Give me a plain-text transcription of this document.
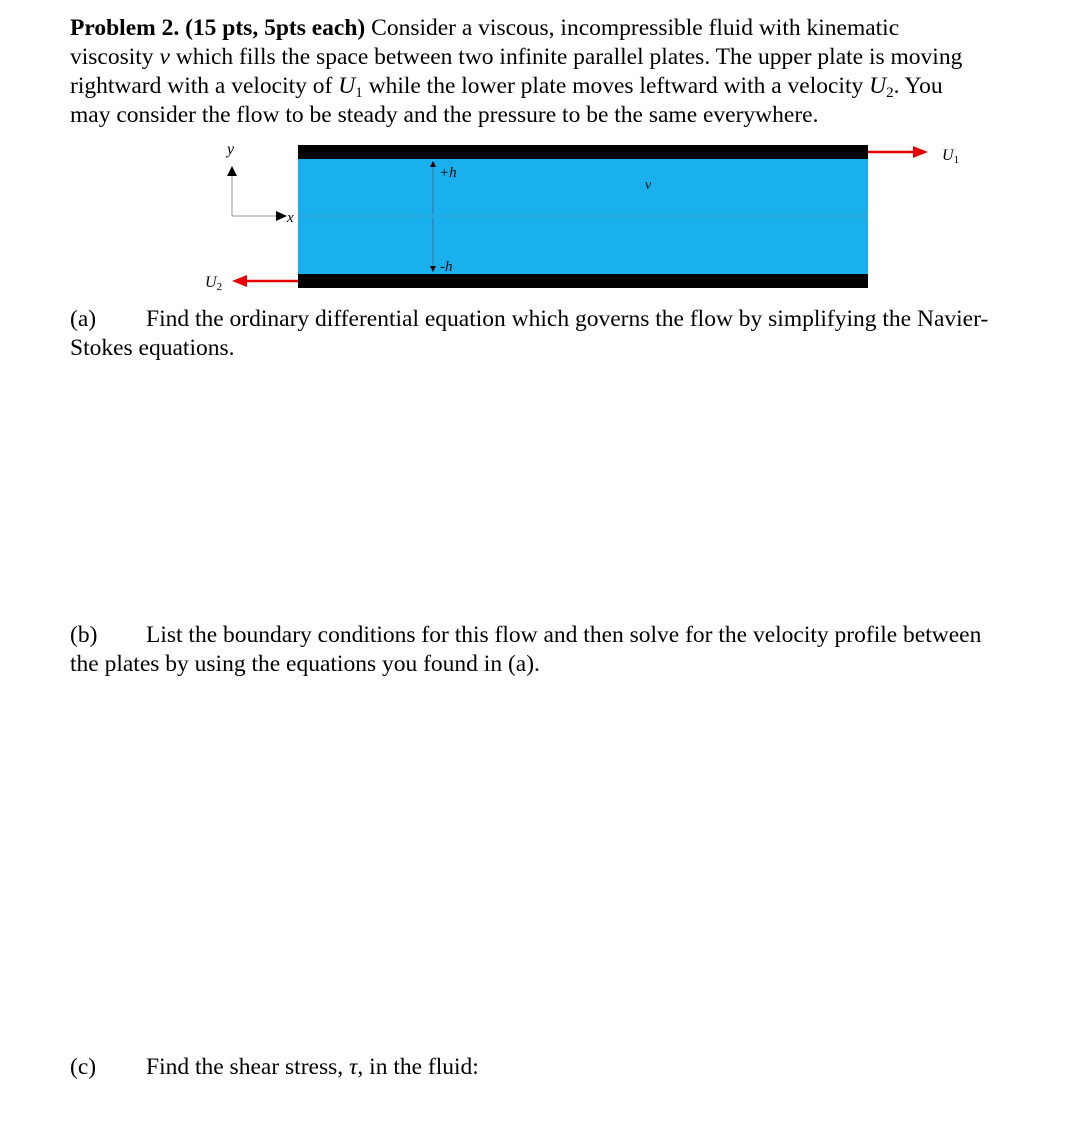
Problem 2. (15 pts, 5pts each) Consider a viscous, incompressible fluid with kinematic
viscosity ν which fills the space between two infinite parallel plates. The upper plate is moving
rightward with a velocity of $U_1$ while the lower plate moves leftward with a velocity $U_2$. You
may consider the flow to be steady and the pressure to be the same everywhere.
y
x
+h
-h
ν
U1
U2
(a) Find the ordinary differential equation which governs the flow by simplifying the Navier-
Stokes equations.
(b) List the boundary conditions for this flow and then solve for the velocity profile between
the plates by using the equations you found in (a).
(c) Find the shear stress, τ, in the fluid:
